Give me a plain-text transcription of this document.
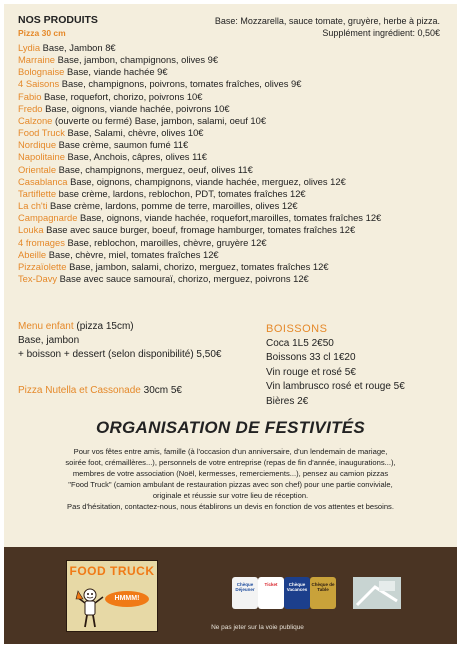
NOS PRODUITS
Pizza 30 cm
Base: Mozzarella, sauce tomate, gruyère, herbe à pizza.
Supplément ingrédient: 0,50€
Lydia Base, Jambon 8€
Marraine Base, jambon, champignons, olives 9€
Bolognaise Base, viande hachée 9€
4 Saisons Base, champignons, poivrons, tomates fraîches, olives 9€
Fabio Base, roquefort, chorizo, poivrons 10€
Fredo Base, oignons, viande hachée, poivrons 10€
Calzone (ouverte ou fermé) Base, jambon, salami, oeuf 10€
Food Truck Base, Salami, chèvre, olives 10€
Nordique Base crème, saumon fumé 11€
Napolitaine Base, Anchois, câpres, olives 11€
Orientale Base, champignons, merguez, oeuf, olives 11€
Casablanca Base, oignons, champignons, viande hachée, merguez, olives 12€
Tartiflette base crème, lardons, reblochon, PDT, tomates fraîches 12€
La ch'ti Base crème, lardons, pomme de terre, maroilles, olives 12€
Campagnarde Base, oignons, viande hachée, roquefort,maroilles, tomates fraîches 12€
Louka Base avec sauce burger, boeuf, fromage hamburger, tomates fraîches 12€
4 fromages Base, reblochon, maroilles, chèvre, gruyère 12€
Abeille Base, chèvre, miel, tomates fraîches 12€
Pizzaïolette Base, jambon, salami, chorizo, merguez, tomates fraîches 12€
Tex-Davy Base avec sauce samouraï, chorizo, merguez, poivrons 12€
Menu enfant (pizza 15cm)
Base, jambon
+ boisson + dessert (selon disponibilité) 5,50€
Pizza Nutella et Cassonade 30cm 5€
BOISSONS
Coca 1L5 2€50
Boissons 33 cl 1€20
Vin rouge et rosé 5€
Vin lambrusco rosé et rouge 5€
Bières 2€
ORGANISATION DE FESTIVITÉS
Pour vos fêtes entre amis, famille (à l'occasion d'un anniversaire, d'un lendemain de mariage, soirée foot, crémaillères...), personnels de votre entreprise (repas de fin d'année, inaugurations...), membres de votre association (Noël, kermesses, remerciements...), pensez au camion pizzas "Food Truck" (camion ambulant de restauration pizzas avec son chef) pour une partie conviviale, originale et réussie sur votre lieu de réception.
Pas d'hésitation, contactez-nous, nous établirons un devis en fonction de vos attentes et besoins.
FOOD TRUCK
HMMM!
Chèque Déjeuner
Ticket	Chèque Vacances
Chèque de Table
Ne pas jeter sur la voie publique
